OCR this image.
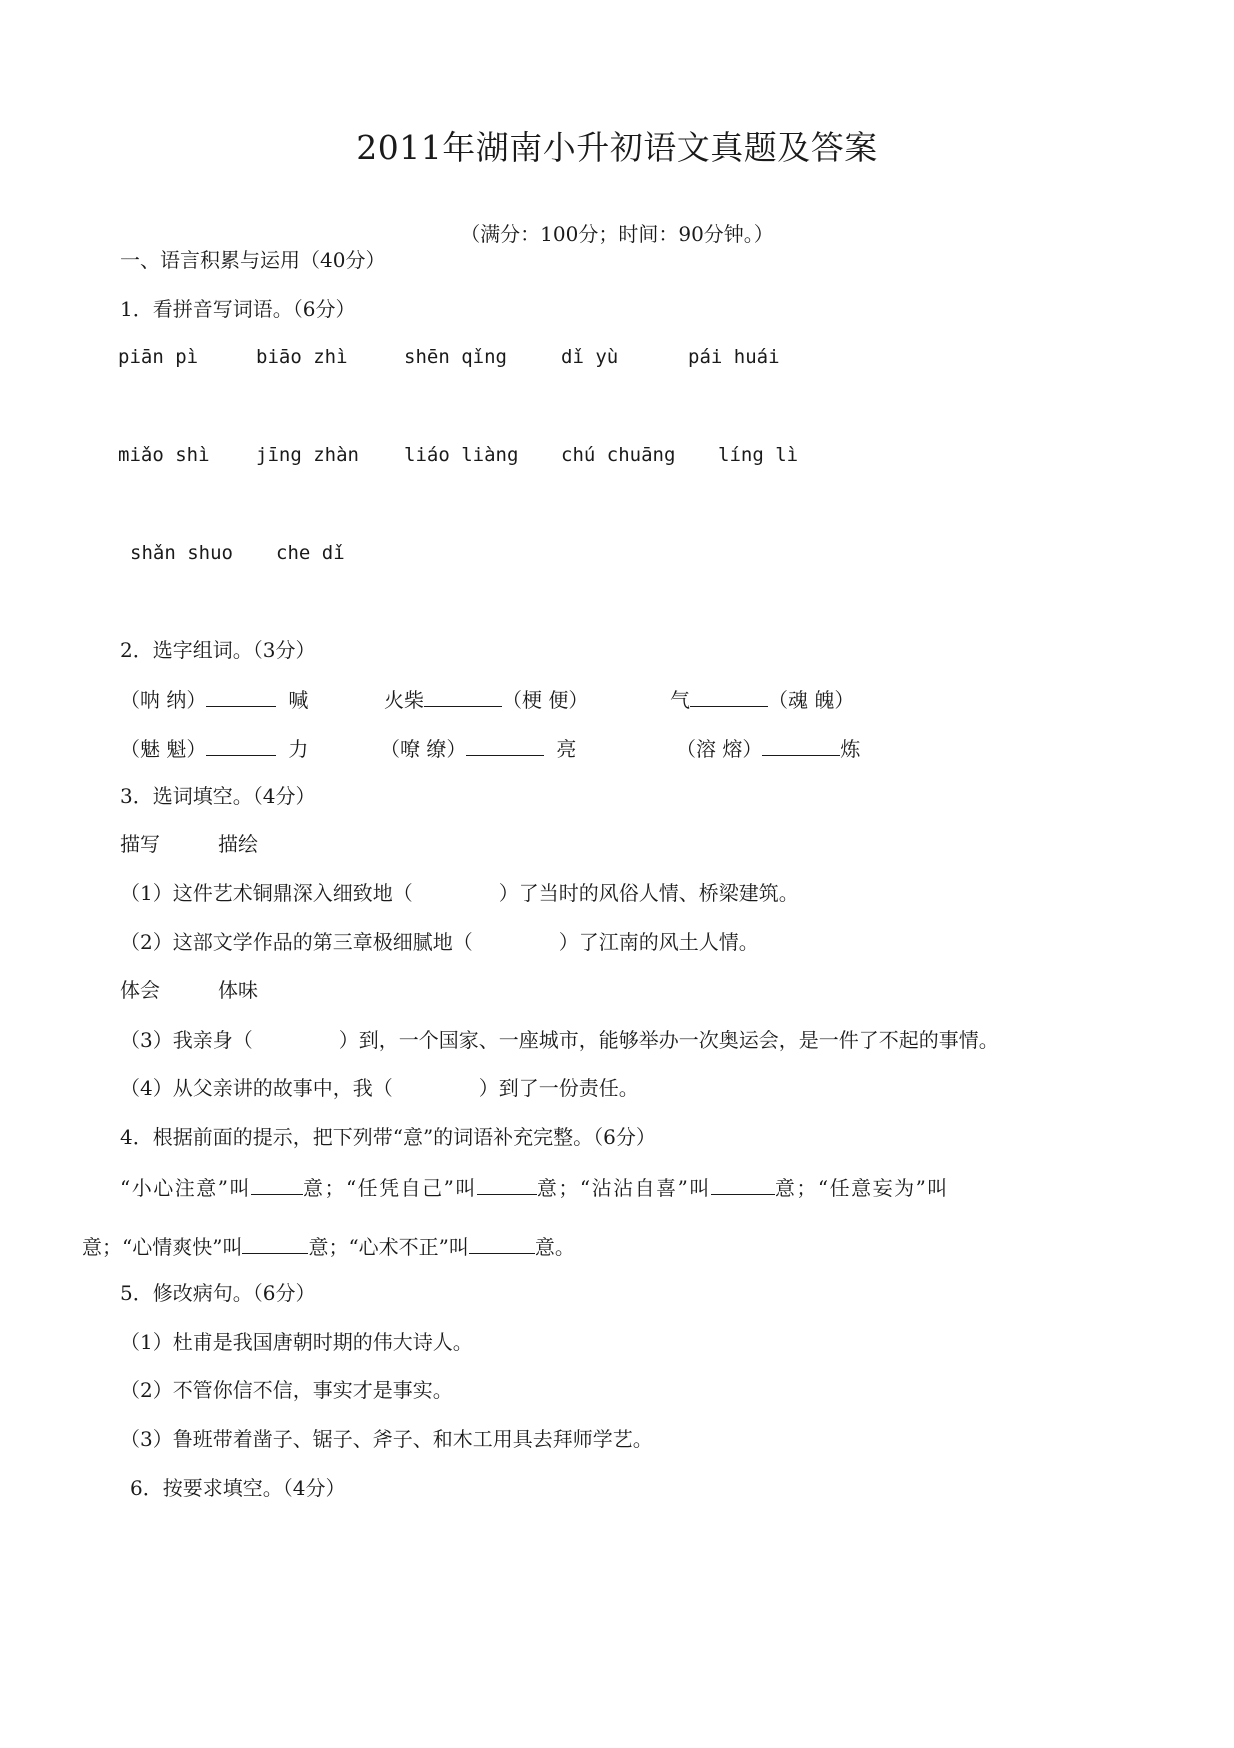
2011年湖南小升初语文真题及答案
（满分：100分；时间：90分钟。）
一、语言积累与运用（40分）
1．看拼音写词语。（6分）
piān pì	biāo zhì	shēn qǐng	dǐ yù	pái huái
miǎo shì jīng zhàn liáo liàng chú chuāng líng lì
shǎn shuo che dǐ
2．选字组词。（3分）
（呐 纳）	喊	火柴	（梗 便）	气	（魂 魄）
（魅 魁）	力	（嘹 缭）	亮	（溶 熔）	炼
3．选词填空。（4分）
描写	描绘
（1）这件艺术铜鼎深入细致地（	）了当时的风俗人情、桥梁建筑。
（2）这部文学作品的第三章极细腻地（	）了江南的风土人情。
体会	体味
（3）我亲身（	）到，一个国家、一座城市，能够举办一次奥运会，是一件了不起的事情。
（4）从父亲讲的故事中，我（	）到了一份责任。
4．根据前面的提示，把下列带“意”的词语补充完整。（6分）
“小心注意”叫	意；“任凭自己”叫	意；“沾沾自喜”叫	意；“任意妄为”叫
意；“心情爽快”叫	意；“心术不正”叫	意。
5．修改病句。（6分）
（1）杜甫是我国唐朝时期的伟大诗人。
（2）不管你信不信，事实才是事实。
（3）鲁班带着凿子、锯子、斧子、和木工用具去拜师学艺。
6．按要求填空。（4分）
